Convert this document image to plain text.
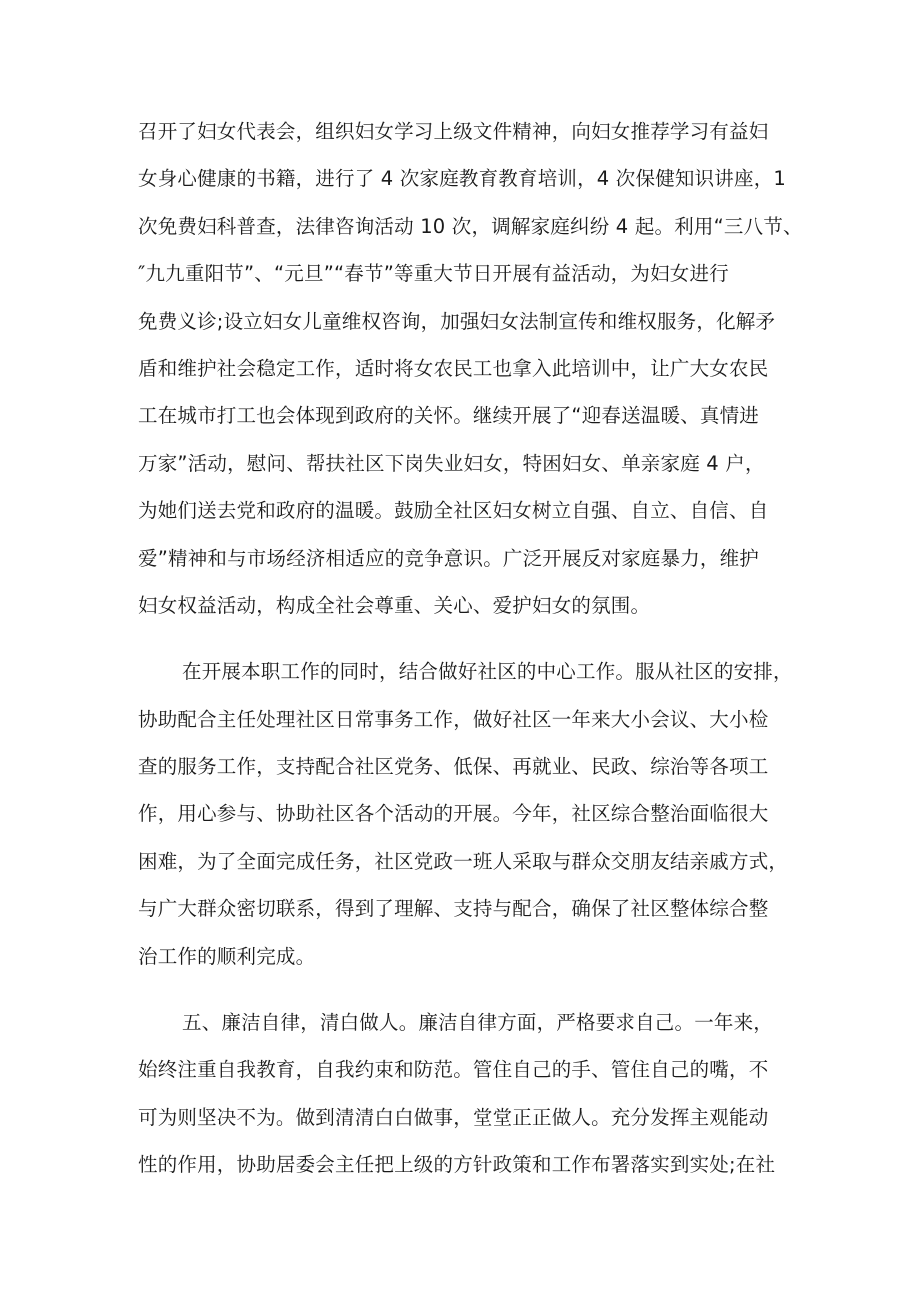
召开了妇女代表会，组织妇女学习上级文件精神，向妇女推荐学习有益妇
女身心健康的书籍，进行了 4 次家庭教育教育培训，4 次保健知识讲座，1
次免费妇科普查，法律咨询活动 10 次，调解家庭纠纷 4 起。利用“三八节、
″九九重阳节”、“元旦”“春节”等重大节日开展有益活动，为妇女进行
免费义诊;设立妇女儿童维权咨询，加强妇女法制宣传和维权服务，化解矛
盾和维护社会稳定工作，适时将女农民工也拿入此培训中，让广大女农民
工在城市打工也会体现到政府的关怀。继续开展了“迎春送温暖、真情进
万家”活动，慰问、帮扶社区下岗失业妇女，特困妇女、单亲家庭 4 户，
为她们送去党和政府的温暖。鼓励全社区妇女树立自强、自立、自信、自
爱”精神和与市场经济相适应的竞争意识。广泛开展反对家庭暴力，维护
妇女权益活动，构成全社会尊重、关心、爱护妇女的氛围。
在开展本职工作的同时，结合做好社区的中心工作。服从社区的安排，
协助配合主任处理社区日常事务工作，做好社区一年来大小会议、大小检
查的服务工作，支持配合社区党务、低保、再就业、民政、综治等各项工
作，用心参与、协助社区各个活动的开展。今年，社区综合整治面临很大
困难，为了全面完成任务，社区党政一班人采取与群众交朋友结亲戚方式，
与广大群众密切联系，得到了理解、支持与配合，确保了社区整体综合整
治工作的顺利完成。
五、廉洁自律，清白做人。廉洁自律方面，严格要求自己。一年来，
始终注重自我教育，自我约束和防范。管住自己的手、管住自己的嘴，不
可为则坚决不为。做到清清白白做事，堂堂正正做人。充分发挥主观能动
性的作用，协助居委会主任把上级的方针政策和工作布署落实到实处;在社
